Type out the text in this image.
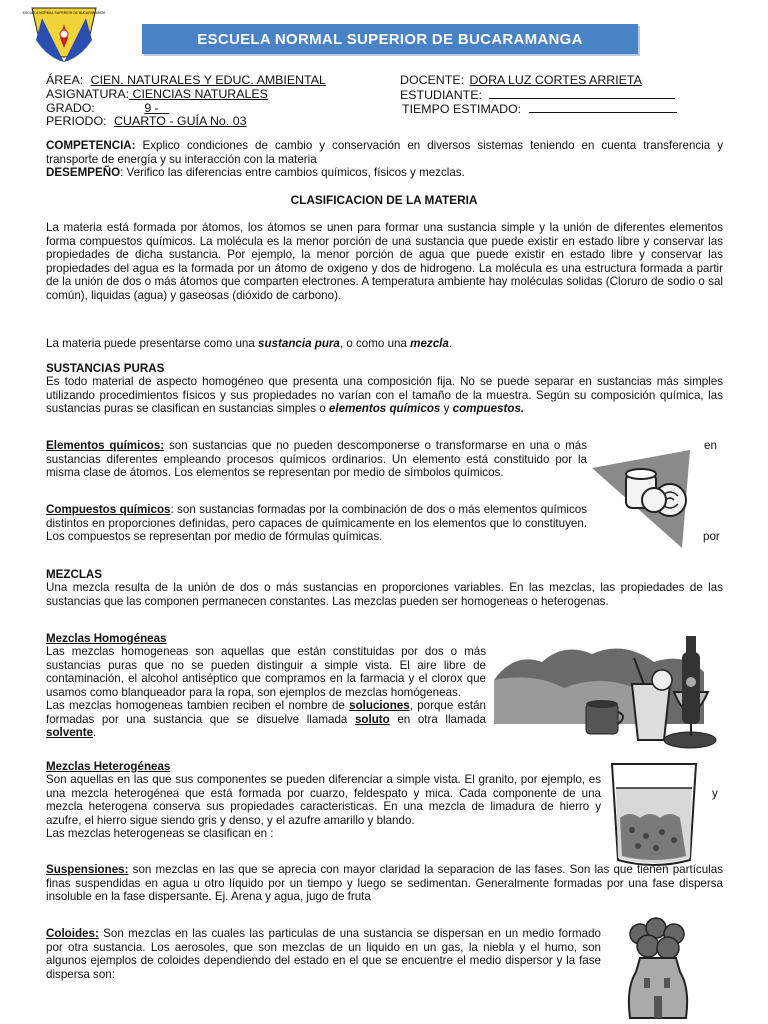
ESCUELA NORMAL SUPERIOR DE BUCARAMANGA
ESCUELA NORMAL SUPERIOR DE BUCARAMANGA
ÁREA: CIEN. NATURALES Y EDUC. AMBIENTAL
ASIGNATURA: CIENCIAS NATURALES
GRADO:	9 -
PERIODO: CUARTO - GUÍA No. 03
DOCENTE: DORA LUZ CORTES ARRIETA
ESTUDIANTE:
TIEMPO ESTIMADO:
COMPETENCIA: Explico condiciones de cambio y conservación en diversos sistemas teniendo en cuenta transferencia y transporte de energía y su interacción con la materia
DESEMPEÑO: Verifico las diferencias entre cambios químicos, físicos y mezclas.
CLASIFICACION DE LA MATERIA
La materia está formada por átomos, los átomos se unen para formar una sustancia simple y la unión de diferentes elementos forma compuestos químicos. La molécula es la menor porción de una sustancia que puede existir en estado libre y conservar las propiedades de dicha sustancia. Por ejemplo, la menor porción de agua que puede existir en estado libre y conservar las propiedades del agua es la formada por un átomo de oxigeno y dos de hidrogeno. La molécula es una estructura formada a partir de la unión de dos o más átomos que comparten electrones. A temperatura ambiente hay moléculas solidas (Cloruro de sodio o sal común), liquidas (agua) y gaseosas (dióxido de carbono).
La materia puede presentarse como una sustancia pura, o como una mezcla.
SUSTANCIAS PURAS
Es todo material de aspecto homogéneo que presenta una composición fija. No se puede separar en sustancias más simples utilizando procedimientos físicos y sus propiedades no varían con el tamaño de la muestra. Según su composición química, las sustancias puras se clasifican en sustancias simples o elementos químicos y compuestos.
Elementos químicos: son sustancias que no pueden descomponerse o transformarse en una o más sustancias diferentes empleando procesos químicos ordinarios. Un elemento está constituido por la misma clase de átomos. Los elementos se representan por medio de símbolos químicos.
en
Compuestos químicos: son sustancias formadas por la combinación de dos o más elementos químicos distintos en proporciones definidas, pero capaces de químicamente en los elementos que lo constituyen. Los compuestos se representan por medio de fórmulas químicas.	por
MEZCLAS
Una mezcla resulta de la unión de dos o más sustancias en proporciones variables. En las mezclas, las propiedades de las sustancias que las componen permanecen constantes. Las mezclas pueden ser homogeneas o heterogenas.
Mezclas Homogéneas
Las mezclas homogeneas son aquellas que están constituidas por dos o más sustancias puras que no se pueden distinguir a simple vista. El aire libre de contaminación, el alcohol antiséptico que compramos en la farmacia y el clorox que usamos como blanqueador para la ropa, son ejemplos de mezclas homógeneas.
Las mezclas homogeneas tambien reciben el nombre de soluciones, porque están formadas por una sustancia que se disuelve llamada soluto en otra llamada solvente.
Mezclas Heterogéneas
Son aquellas en las que sus componentes se pueden diferenciar a simple vista. El granito, por ejemplo, es una mezcla heterogénea que está formada por cuarzo, feldespato y mica. Cada componente de una mezcla heterogena conserva sus propiedades caracteristicas. En una mezcla de limadura de hierro y azufre, el hierro sigue siendo gris y denso, y el azufre amarillo y blando.
Las mezclas heterogeneas se clasifican en :
y
Suspensiones: son mezclas en las que se aprecia con mayor claridad la separacion de las fases. Son las que tienen partículas finas suspendidas en agua u otro líquido por un tiempo y luego se sedimentan. Generalmente formadas por una fase dispersa insoluble en la fase dispersante. Ej. Arena y agua, jugo de fruta
Coloides: Son mezclas en las cuales las particulas de una sustancia se dispersan en un medio formado por otra sustancia. Los aerosoles, que son mezclas de un liquido en un gas, la niebla y el humo, son algunos ejemplos de coloides dependiendo del estado en el que se encuentre el medio dispersor y la fase dispersa son:
